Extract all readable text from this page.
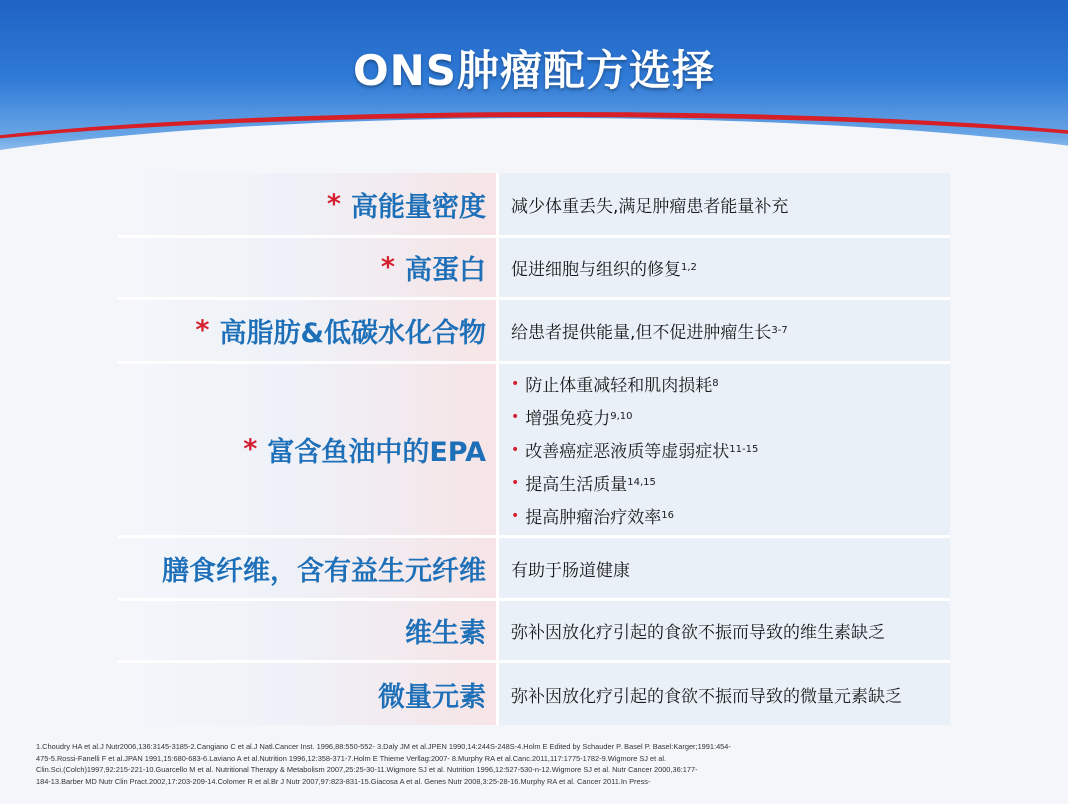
ONS肿瘤配方选择
* 高能量密度 减少体重丢失,满足肿瘤患者能量补充
* 高蛋白 促进细胞与组织的修复 1,2
* 高脂肪&低碳水化合物 给患者提供能量,但不促进肿瘤生长 3-7
* 富含鱼油中的EPA
• 防止体重减轻和肌肉损耗 8
• 增强免疫力 9,10
• 改善癌症恶液质等虚弱症状 11-15
• 提高生活质量 14,15
• 提高肿瘤治疗效率 16
膳食纤维，含有益生元纤维 有助于肠道健康
维生素 弥补因放化疗引起的食欲不振而导致的维生素缺乏
微量元素 弥补因放化疗引起的食欲不振而导致的微量元素缺乏
1.Choudry HA et al.J Nutr2006,136:3145-3185-2.Cangiano C et al.J Natl.Cancer Inst. 1996,88:550-552- 3.Daly JM et al.JPEN 1990,14:244S-248S-4.Holm E Edited by Schauder P. Basel P. Basel:Karger;1991:454-
475-5.Rossi-Fanelli F et al.JPAN 1991,15:680-683-6.Laviano A et al.Nutrition 1996,12:358-371-7.Holm E Thieme Verllag:2007- 8.Murphy RA et al.Canc.2011,117:1775-1782-9.Wigmore SJ et al.
Clin.Sci.(Colch)1997,92:215-221-10.Guarcello M et al. Nutritional Therapy & Metabolism 2007,25:25-30-11.Wigmore SJ et al. Nutrition 1996,12:527-530-n-12.Wigmore SJ et al. Nutr Cancer 2000,36:177-
184-13.Barber MD Nutr Clin Pract.2002,17:203-209-14.Colomer R et al.Br J Nutr 2007,97:823-831-15.Giacosa A et al. Genes Nutr 2008,3:25-28-16.Murphy RA et al. Cancer 2011.In Press-
